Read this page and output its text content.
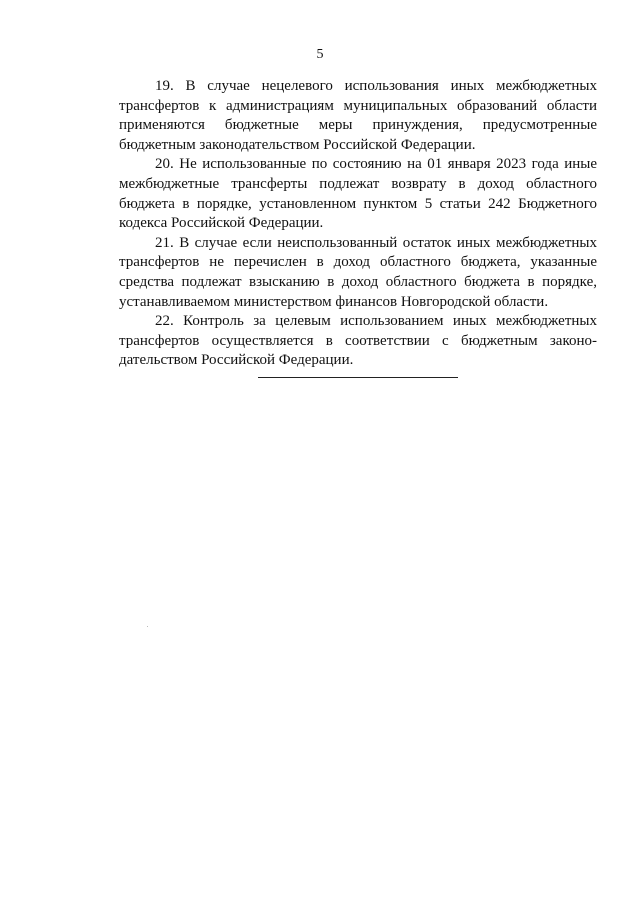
5

19. В случае нецелевого использования иных межбюджетных трансфертов к администрациям муниципальных образований области применяются бюджетные меры принуждения, предусмотренные бюджетным законодательством Российской Федерации.

20. Не использованные по состоянию на 01 января 2023 года иные межбюджетные трансферты подлежат возврату в доход областного бюджета в порядке, установленном пунктом 5 статьи 242 Бюджетного кодекса Российской Федерации.

21. В случае если неиспользованный остаток иных межбюджетных трансфертов не перечислен в доход областного бюджета, указанные средства подлежат взысканию в доход областного бюджета в порядке, устанавливаемом министерством финансов Новгородской области.

22. Контроль за целевым использованием иных межбюджетных трансфертов осуществляется в соответствии с бюджетным законо-дательством Российской Федерации.
